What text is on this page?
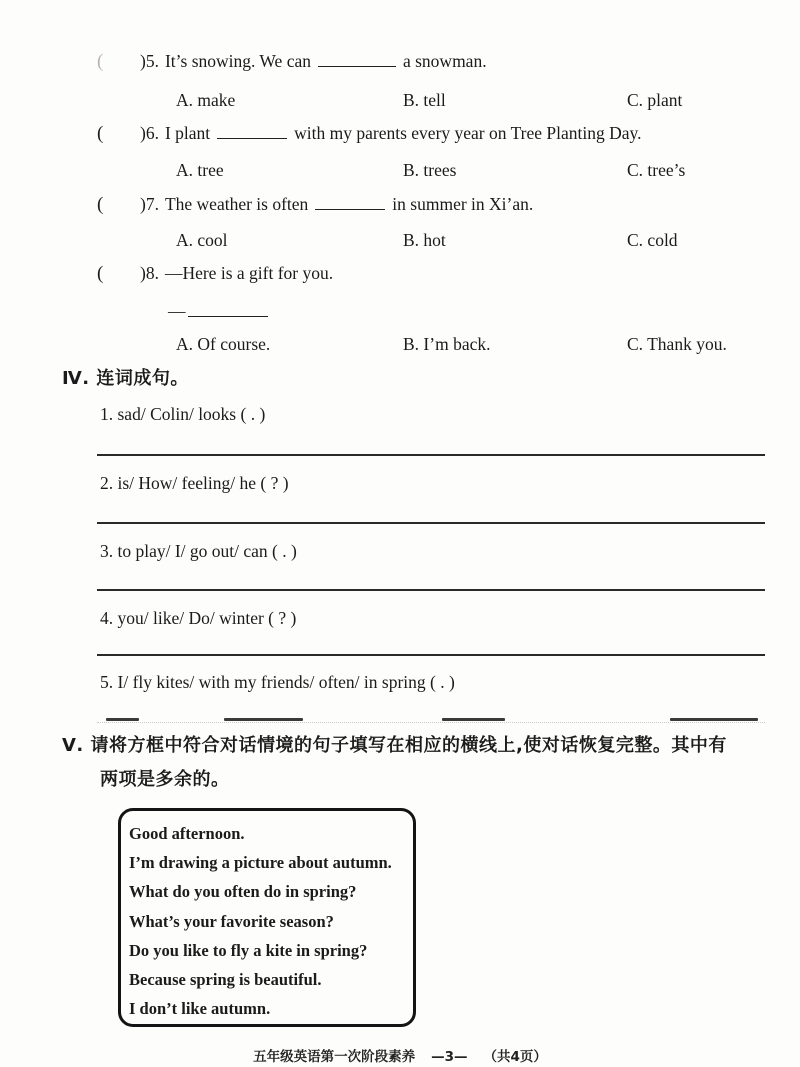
( )5. It’s snowing. We can	a snowman.
A. make	B. tell	C. plant
( )6. I plant	with my parents every year on Tree Planting Day.
A. tree	B. trees	C. tree’s
( )7. The weather is often	in summer in Xi’an.
A. cool	B. hot	C. cold
( )8. —Here is a gift for you.
—
A. Of course.	B. I’m back.	C. Thank you.
Ⅳ. 连词成句。
1. sad/ Colin/ looks ( . )
2. is/ How/ feeling/ he ( ? )
3. to play/ I/ go out/ can ( . )
4. you/ like/ Do/ winter ( ? )
5. I/ fly kites/ with my friends/ often/ in spring ( . )
Ⅴ. 请将方框中符合对话情境的句子填写在相应的横线上,使对话恢复完整。其中有
两项是多余的。
Good afternoon.
I’m drawing a picture about autumn.
What do you often do in spring?
What’s your favorite season?
Do you like to fly a kite in spring?
Because spring is beautiful.
I don’t like autumn.
五年级英语第一次阶段素养 —3— （共4页）
